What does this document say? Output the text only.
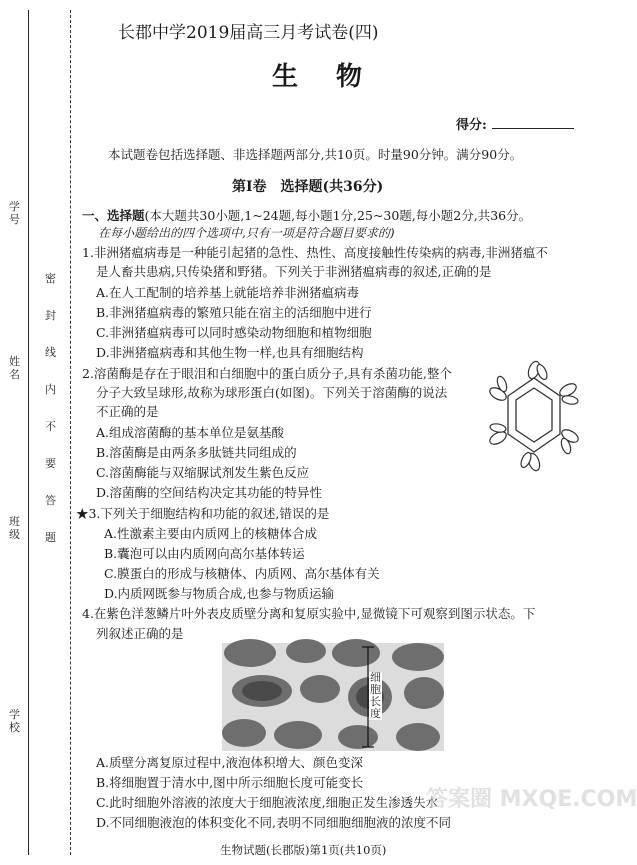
学号
姓名
班级
学校
密封线内不要答题
长郡中学2019届高三月考试卷(四)
生物
得分:
本试题卷包括选择题、非选择题两部分,共10页。时量90分钟。满分90分。
第Ⅰ卷　选择题(共36分)
一、选择题(本大题共30小题,1~24题,每小题1分,25~30题,每小题2分,共36分。
在每小题给出的四个选项中,只有一项是符合题目要求的)
1.非洲猪瘟病毒是一种能引起猪的急性、热性、高度接触性传染病的病毒,非洲猪瘟不
是人畜共患病,只传染猪和野猪。下列关于非洲猪瘟病毒的叙述,正确的是
A.在人工配制的培养基上就能培养非洲猪瘟病毒
B.非洲猪瘟病毒的繁殖只能在宿主的活细胞中进行
C.非洲猪瘟病毒可以同时感染动物细胞和植物细胞
D.非洲猪瘟病毒和其他生物一样,也具有细胞结构
2.溶菌酶是存在于眼泪和白细胞中的蛋白质分子,具有杀菌功能,整个
分子大致呈球形,故称为球形蛋白(如图)。下列关于溶菌酶的说法
不正确的是
A.组成溶菌酶的基本单位是氨基酸
B.溶菌酶是由两条多肽链共同组成的
C.溶菌酶能与双缩脲试剂发生紫色反应
D.溶菌酶的空间结构决定其功能的特异性
★3.下列关于细胞结构和功能的叙述,错误的是
A.性激素主要由内质网上的核糖体合成
B.囊泡可以由内质网向高尔基体转运
C.膜蛋白的形成与核糖体、内质网、高尔基体有关
D.内质网既参与物质合成,也参与物质运输
4.在紫色洋葱鳞片叶外表皮质壁分离和复原实验中,显微镜下可观察到图示状态。下
列叙述正确的是
细胞长度
A.质壁分离复原过程中,液泡体积增大、颜色变深
B.将细胞置于清水中,图中所示细胞长度可能变长
C.此时细胞外溶液的浓度大于细胞液浓度,细胞正发生渗透失水
D.不同细胞液泡的体积变化不同,表明不同细胞细胞液的浓度不同
生物试题(长郡版)第1页(共10页)
答案圈 MXQE.COM
